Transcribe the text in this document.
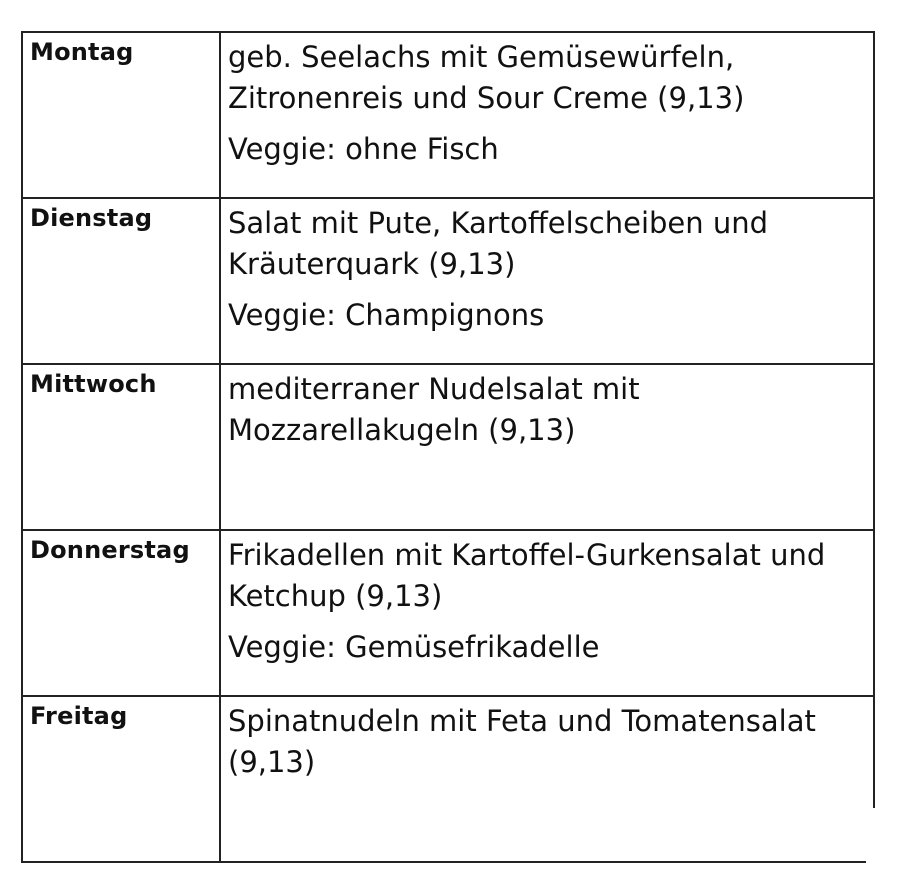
Montag	geb. Seelachs mit Gemüsewürfeln, Zitronenreis und Sour Creme (9,13)
Veggie: ohne Fisch

Dienstag	Salat mit Pute, Kartoffelscheiben und Kräuterquark (9,13)
Veggie: Champignons

Mittwoch	mediterraner Nudelsalat mit Mozzarellakugeln (9,13)

Donnerstag	Frikadellen mit Kartoffel-Gurkensalat und Ketchup (9,13)
Veggie: Gemüsefrikadelle

Freitag	Spinatnudeln mit Feta und Tomatensalat (9,13)
